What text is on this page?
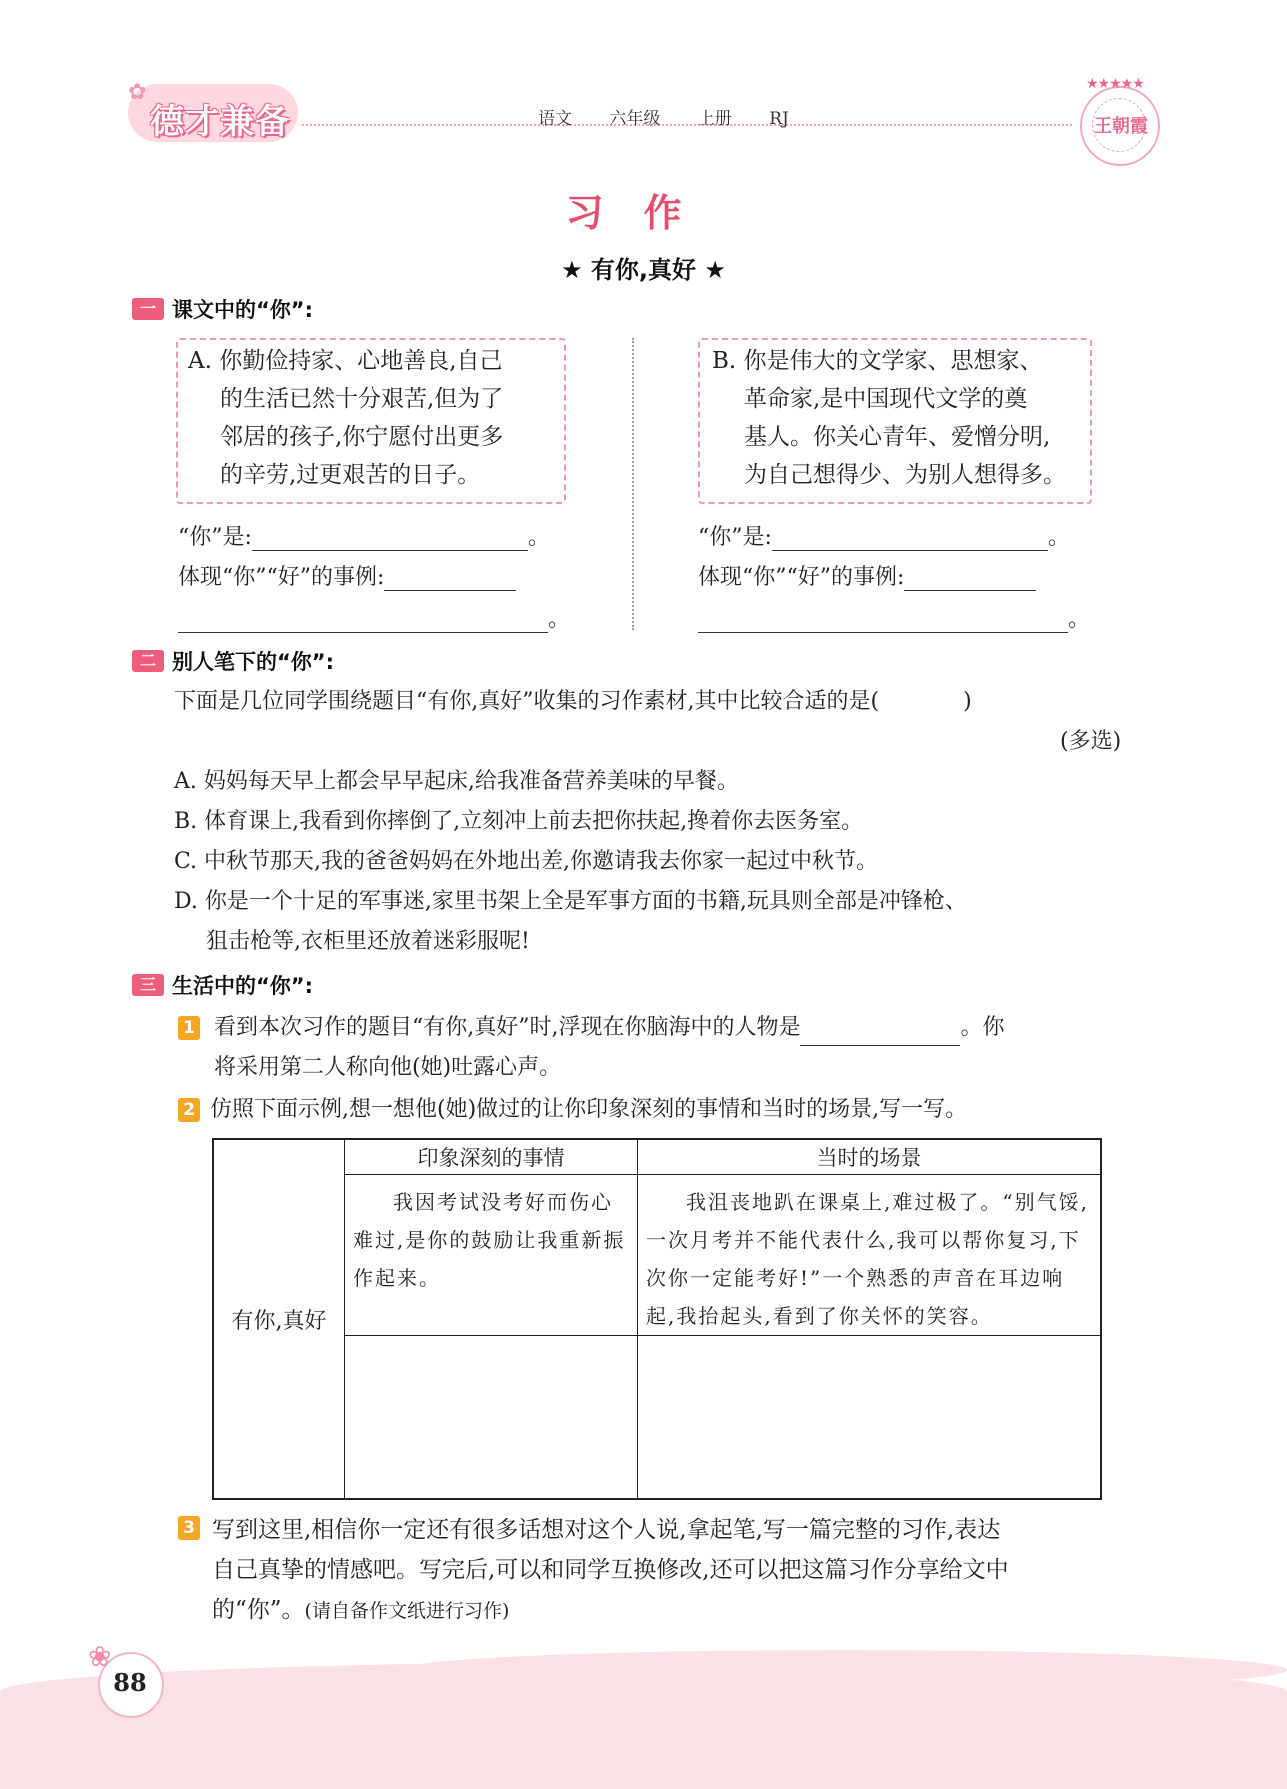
✿
德才兼备	语文 六年级 上册 RJ
★★★★★
王朝霞
习作
★ 有你,真好 ★
一 课文中的“你”:
A. 你勤俭持家、心地善良,自己
的生活已然十分艰苦,但为了
邻居的孩子,你宁愿付出更多
的辛劳,过更艰苦的日子。
B. 你是伟大的文学家、思想家、
革命家,是中国现代文学的奠
基人。你关心青年、爱憎分明,
为自己想得少、为别人想得多。
“你”是:	。
体现“你”“好”的事例:
。
“你”是:	。
体现“你”“好”的事例:
。
二 别人笔下的“你”:
下面是几位同学围绕题目“有你,真好”收集的习作素材,其中比较合适的是(	)
(多选)
A. 妈妈每天早上都会早早起床,给我准备营养美味的早餐。
B. 体育课上,我看到你摔倒了,立刻冲上前去把你扶起,搀着你去医务室。
C. 中秋节那天,我的爸爸妈妈在外地出差,你邀请我去你家一起过中秋节。
D. 你是一个十足的军事迷,家里书架上全是军事方面的书籍,玩具则全部是冲锋枪、
狙击枪等,衣柜里还放着迷彩服呢!
三 生活中的“你”:
1 看到本次习作的题目“有你,真好”时,浮现在你脑海中的人物是	。你
将采用第二人称向他(她)吐露心声。
2 仿照下面示例,想一想他(她)做过的让你印象深刻的事情和当时的场景,写一写。
有你,真好	印象深刻的事情	当时的场景
	我因考试没考好而伤心难过,是你的鼓励让我重新振作起来。	我沮丧地趴在课桌上,难过极了。“别气馁,一次月考并不能代表什么,我可以帮你复习,下次你一定能考好!”一个熟悉的声音在耳边响起,我抬起头,看到了你关怀的笑容。

3 写到这里,相信你一定还有很多话想对这个人说,拿起笔,写一篇完整的习作,表达
自己真挚的情感吧。写完后,可以和同学互换修改,还可以把这篇习作分享给文中
的“你”。(请自备作文纸进行习作)
❀
88
